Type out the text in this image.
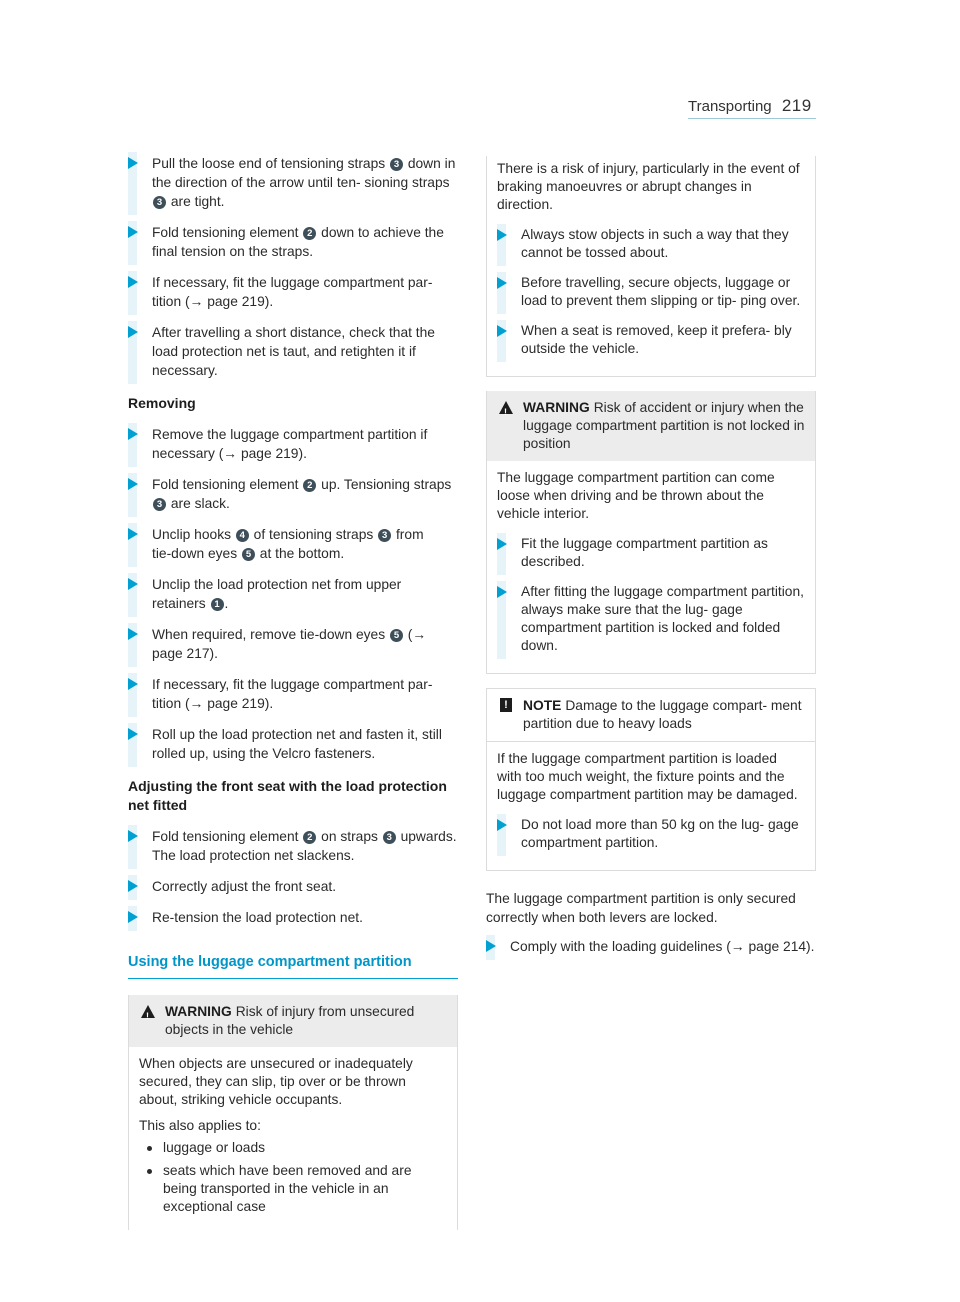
Transporting 219
Pull the loose end of tensioning straps 3 down in the direction of the arrow until ten‑ sioning straps 3 are tight.
Fold tensioning element 2 down to achieve the final tension on the straps.
If necessary, fit the luggage compartment par‑ tition (→ page 219).
After travelling a short distance, check that the load protection net is taut, and retighten it if necessary.
Removing
Remove the luggage compartment partition if necessary (→ page 219).
Fold tensioning element 2 up. Tensioning straps 3 are slack.
Unclip hooks 4 of tensioning straps 3 from tie‑down eyes 5 at the bottom.
Unclip the load protection net from upper retainers 1 .
When required, remove tie‑down eyes 5 (→ page 217).
If necessary, fit the luggage compartment par‑ tition (→ page 219).
Roll up the load protection net and fasten it, still rolled up, using the Velcro fasteners.
Adjusting the front seat with the load protection net fitted
Fold tensioning element 2 on straps 3 upwards.
The load protection net slackens.
Correctly adjust the front seat.
Re‑tension the load protection net.
Using the luggage compartment partition
! WARNING Risk of injury from unsecured objects in the vehicle

When objects are unsecured or inadequately secured, they can slip, tip over or be thrown about, striking vehicle occupants.

This also applies to:

luggage or loads
seats which have been removed and are being transported in the vehicle in an exceptional case

There is a risk of injury, particularly in the event of braking manoeuvres or abrupt changes in direction.

Always stow objects in such a way that they cannot be tossed about.
Before travelling, secure objects, luggage or load to prevent them slipping or tip‑ ping over.
When a seat is removed, keep it prefera‑ bly outside the vehicle.
! WARNING Risk of accident or injury when the luggage compartment partition is not locked in position

The luggage compartment partition can come loose when driving and be thrown about the vehicle interior.

Fit the luggage compartment partition as described.
After fitting the luggage compartment partition, always make sure that the lug‑ gage compartment partition is locked and folded down.
!	NOTE Damage to the luggage compart‑ ment partition due to heavy loads

If the luggage compartment partition is loaded with too much weight, the fixture points and the luggage compartment partition may be damaged.

Do not load more than 50 kg on the lug‑ gage compartment partition.

The luggage compartment partition is only secured correctly when both levers are locked.

Comply with the loading guidelines (→ page 214).
